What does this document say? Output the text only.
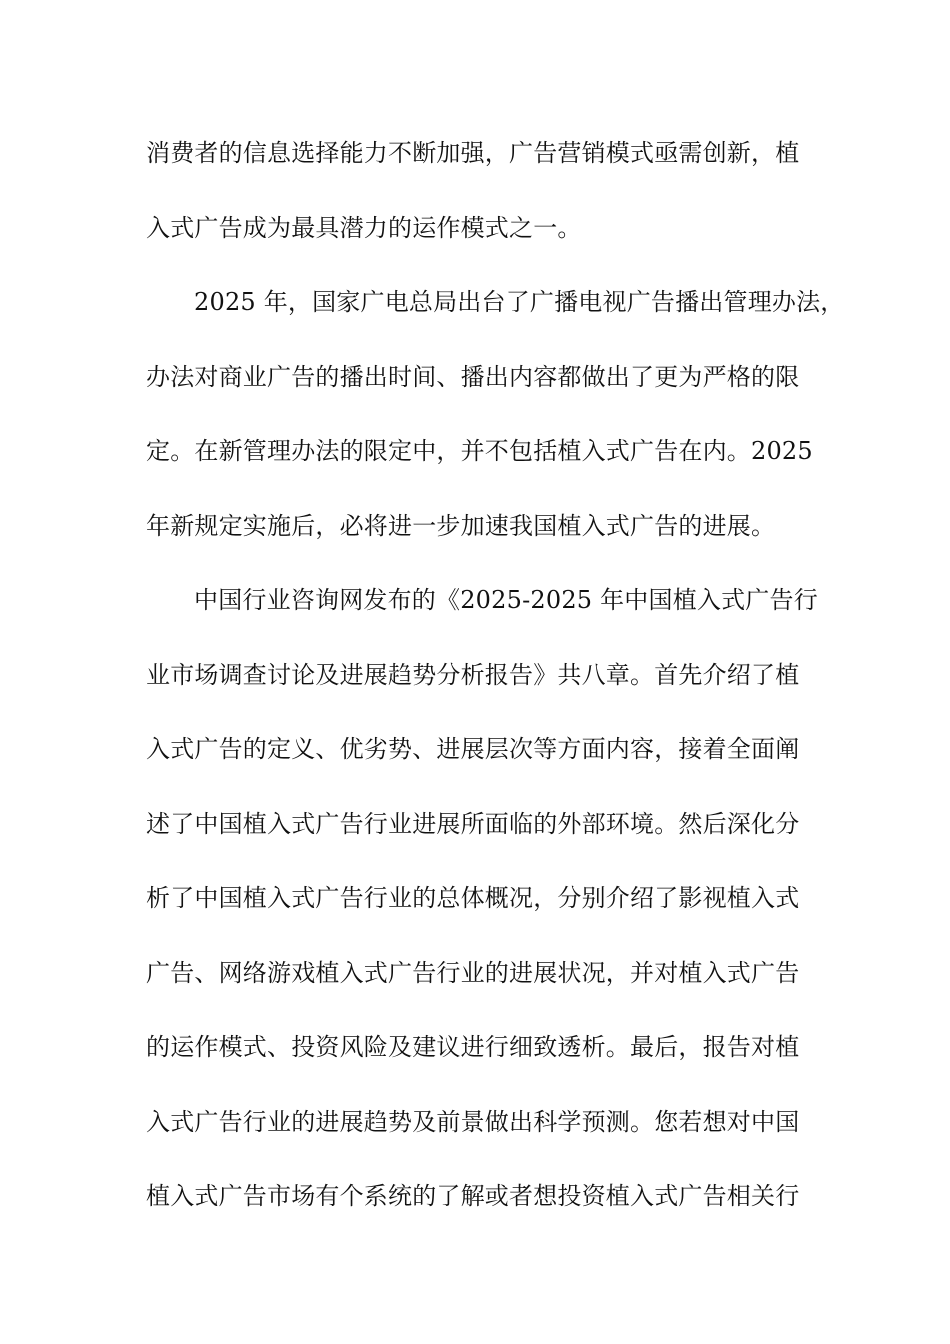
消费者的信息选择能力不断加强，广告营销模式亟需创新，植
入式广告成为最具潜力的运作模式之一。
2025 年，国家广电总局出台了广播电视广告播出管理办法，
办法对商业广告的播出时间、播出内容都做出了更为严格的限
定。在新管理办法的限定中，并不包括植入式广告在内。2025
年新规定实施后，必将进一步加速我国植入式广告的进展。
中国行业咨询网发布的《2025-2025 年中国植入式广告行
业市场调查讨论及进展趋势分析报告》共八章。首先介绍了植
入式广告的定义、优劣势、进展层次等方面内容，接着全面阐
述了中国植入式广告行业进展所面临的外部环境。然后深化分
析了中国植入式广告行业的总体概况，分别介绍了影视植入式
广告、网络游戏植入式广告行业的进展状况，并对植入式广告
的运作模式、投资风险及建议进行细致透析。最后，报告对植
入式广告行业的进展趋势及前景做出科学预测。您若想对中国
植入式广告市场有个系统的了解或者想投资植入式广告相关行
